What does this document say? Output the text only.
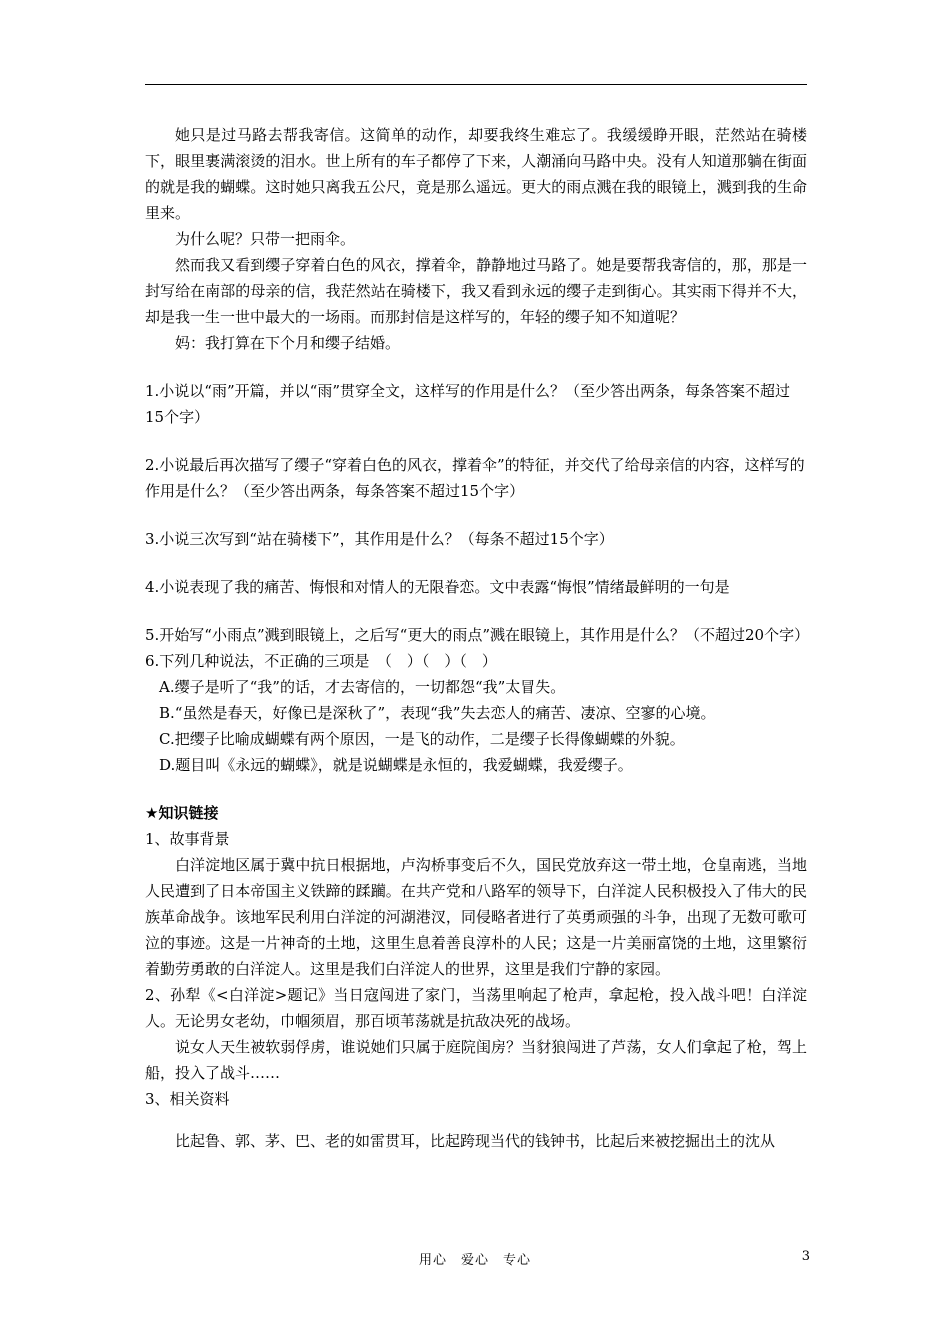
她只是过马路去帮我寄信。这简单的动作，却要我终生难忘了。我缓缓睁开眼，茫然站在骑楼下，眼里裹满滚烫的泪水。世上所有的车子都停了下来，人潮涌向马路中央。没有人知道那躺在街面的就是我的蝴蝶。这时她只离我五公尺，竟是那么遥远。更大的雨点溅在我的眼镜上，溅到我的生命里来。

为什么呢？只带一把雨伞。

然而我又看到缨子穿着白色的风衣，撑着伞，静静地过马路了。她是要帮我寄信的，那，那是一封写给在南部的母亲的信，我茫然站在骑楼下，我又看到永远的缨子走到街心。其实雨下得并不大，却是我一生一世中最大的一场雨。而那封信是这样写的，年轻的缨子知不知道呢？

妈：我打算在下个月和缨子结婚。

1.小说以“雨”开篇，并以“雨”贯穿全文，这样写的作用是什么？（至少答出两条，每条答案不超过15个字）

2.小说最后再次描写了缨子“穿着白色的风衣，撑着伞”的特征，并交代了给母亲信的内容，这样写的作用是什么？（至少答出两条，每条答案不超过15个字）

3.小说三次写到“站在骑楼下”，其作用是什么？（每条不超过15个字）

4.小说表现了我的痛苦、悔恨和对情人的无限眷恋。文中表露“悔恨”情绪最鲜明的一句是

5.开始写“小雨点”溅到眼镜上，之后写“更大的雨点”溅在眼镜上，其作用是什么？（不超过20个字）

6.下列几种说法，不正确的三项是　（　）（　）（　）

A.缨子是听了“我”的话，才去寄信的，一切都怨“我”太冒失。

B.“虽然是春天，好像已是深秋了”，表现“我”失去恋人的痛苦、凄凉、空寥的心境。

C.把缨子比喻成蝴蝶有两个原因，一是飞的动作，二是缨子长得像蝴蝶的外貌。

D.题目叫《永远的蝴蝶》，就是说蝴蝶是永恒的，我爱蝴蝶，我爱缨子。

★知识链接

1、故事背景

白洋淀地区属于冀中抗日根据地，卢沟桥事变后不久，国民党放弃这一带土地，仓皇南逃，当地人民遭到了日本帝国主义铁蹄的蹂躏。在共产党和八路军的领导下，白洋淀人民积极投入了伟大的民族革命战争。该地军民利用白洋淀的河湖港汊，同侵略者进行了英勇顽强的斗争，出现了无数可歌可泣的事迹。这是一片神奇的土地，这里生息着善良淳朴的人民；这是一片美丽富饶的土地，这里繁衍着勤劳勇敢的白洋淀人。这里是我们白洋淀人的世界，这里是我们宁静的家园。

2、孙犁《<白洋淀>题记》当日寇闯进了家门，当荡里响起了枪声，拿起枪，投入战斗吧！白洋淀人。无论男女老幼，巾帼须眉，那百顷苇荡就是抗敌决死的战场。

说女人天生被软弱俘虏，谁说她们只属于庭院闺房？当豺狼闯进了芦荡，女人们拿起了枪，驾上船，投入了战斗……

3、相关资料

比起鲁、郭、茅、巴、老的如雷贯耳，比起跨现当代的钱钟书，比起后来被挖掘出土的沈从

用心　爱心　专心	3
